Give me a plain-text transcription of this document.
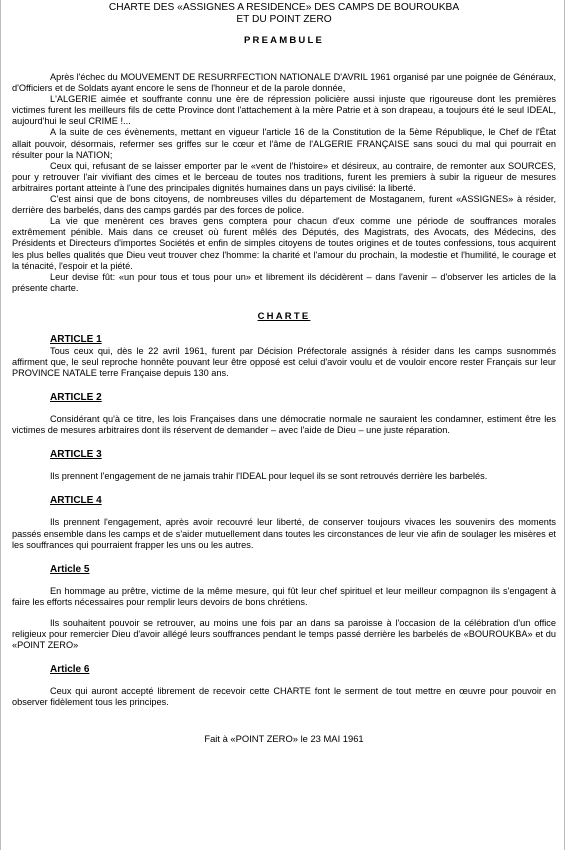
CHARTE DES «ASSIGNES A RESIDENCE» DES CAMPS DE BOUROUKBA

ET DU POINT ZERO

PREAMBULE

Après l'échec du MOUVEMENT DE RESURRFECTION NATIONALE D'AVRIL 1961 organisé par une poignée de Généraux, d'Officiers et de Soldats ayant encore le sens de l'honneur et de la parole donnée,

L'ALGERIE aimée et souffrante connu une ère de répression policière aussi injuste que rigoureuse dont les premières victimes furent les meilleurs fils de cette Province dont l'attachement à la mère Patrie et à son drapeau, a toujours été le seul IDEAL, aujourd'hui le seul CRIME !...

A la suite de ces évènements, mettant en vigueur l'article 16 de la Constitution de la 5ème République, le Chef de l'État allait pouvoir, désormais, refermer ses griffes sur le cœur et l'âme de l'ALGERIE FRANÇAISE sans souci du mal qui pourrait en résulter pour la NATION;

Ceux qui, refusant de se laisser emporter par le «vent de l'histoire» et désireux, au contraire, de remonter aux SOURCES, pour y retrouver l'air vivifiant des cimes et le berceau de toutes nos traditions, furent les premiers à subir la rigueur de mesures arbitraires portant atteinte à l'une des principales dignités humaines dans un pays civilisé: la liberté.

C'est ainsi que de bons citoyens, de nombreuses villes du département de Mostaganem, furent «ASSIGNES» à résider, derrière des barbelés, dans des camps gardés par des forces de police.

La vie que menèrent ces braves gens comptera pour chacun d'eux comme une période de souffrances morales extrêmement pénible. Mais dans ce creuset où furent mêlés des Députés, des Magistrats, des Avocats, des Médecins, des Présidents et Directeurs d'importes Sociétés et enfin de simples citoyens de toutes origines et de toutes confessions, tous acquirent les plus belles qualités que Dieu veut trouver chez l'homme: la charité et l'amour du prochain, la modestie et l'humilité, le courage et la ténacité, l'espoir et la piété.

Leur devise fût: «un pour tous et tous pour un» et librement ils décidèrent – dans l'avenir – d'observer les articles de la présente charte.

CHARTE

ARTICLE 1

Tous ceux qui, dès le 22 avril 1961, furent par Décision Préfectorale assignés à résider dans les camps susnommés affirment que, le seul reproche honnête pouvant leur être opposé est celui d'avoir voulu et de vouloir encore rester Français sur leur PROVINCE NATALE terre Française depuis 130 ans.

ARTICLE 2

Considérant qu'à ce titre, les lois Françaises dans une démocratie normale ne sauraient les condamner, estiment être les victimes de mesures arbitraires dont ils réservent de demander – avec l'aide de Dieu – une juste réparation.

ARTICLE 3

Ils prennent l'engagement de ne jamais trahir l'IDEAL pour lequel ils se sont retrouvés derrière les barbelés.

ARTICLE 4

Ils prennent l'engagement, après avoir recouvré leur liberté, de conserver toujours vivaces les souvenirs des moments passés ensemble dans les camps et de s'aider mutuellement dans toutes les circonstances de leur vie afin de soulager les misères et les souffrances qui pourraient frapper les uns ou les autres.

Article 5

En hommage au prêtre, victime de la même mesure, qui fût leur chef spirituel et leur meilleur compagnon ils s'engagent à faire les efforts nécessaires pour remplir leurs devoirs de bons chrétiens.

Ils souhaitent pouvoir se retrouver, au moins une fois par an dans sa paroisse à l'occasion de la célébration d'un office religieux pour remercier Dieu d'avoir allégé leurs souffrances pendant le temps passé derrière les barbelés de «BOUROUKBA» et du «POINT ZERO»

Article 6

Ceux qui auront accepté librement de recevoir cette CHARTE font le serment de tout mettre en œuvre pour pouvoir en observer fidèlement tous les principes.

Fait à «POINT ZERO» le 23 MAI 1961
